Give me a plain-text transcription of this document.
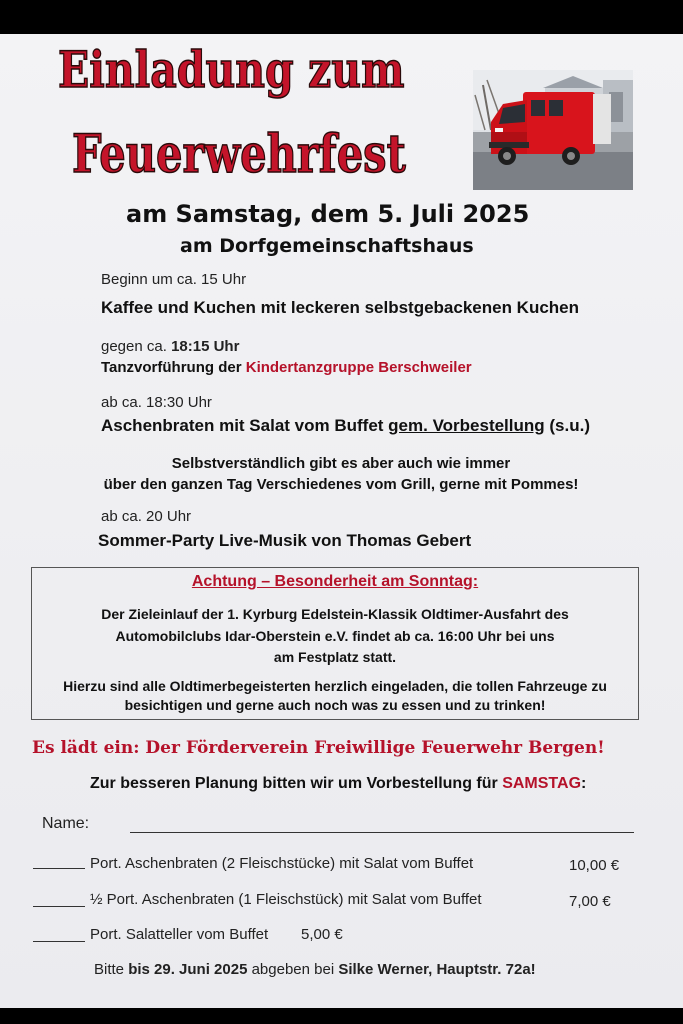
Einladung zum
Feuerwehrfest
am Samstag, dem 5. Juli 2025
am Dorfgemeinschaftshaus
Beginn um ca. 15 Uhr
Kaffee und Kuchen mit leckeren selbstgebackenen Kuchen
gegen ca. 18:15 Uhr
Tanzvorführung der Kindertanzgruppe Berschweiler
ab ca. 18:30 Uhr
Aschenbraten mit Salat vom Buffet gem. Vorbestellung (s.u.)
Selbstverständlich gibt es aber auch wie immer
über den ganzen Tag Verschiedenes vom Grill, gerne mit Pommes!
ab ca. 20 Uhr
Sommer-Party Live-Musik von Thomas Gebert
Achtung – Besonderheit am Sonntag:
Der Zieleinlauf der 1. Kyrburg Edelstein-Klassik Oldtimer-Ausfahrt des
Automobilclubs Idar-Oberstein e.V. findet ab ca. 16:00 Uhr bei uns
am Festplatz statt.
Hierzu sind alle Oldtimerbegeisterten herzlich eingeladen, die tollen Fahrzeuge zu
besichtigen und gerne auch noch was zu essen und zu trinken!
Es lädt ein: Der Förderverein Freiwillige Feuerwehr Bergen!
Zur besseren Planung bitten wir um Vorbestellung für SAMSTAG:
Name:
Port. Aschenbraten (2 Fleischstücke) mit Salat vom Buffet	10,00 €
½ Port. Aschenbraten (1 Fleischstück) mit Salat vom Buffet	7,00 €
Port. Salatteller vom Buffet 5,00 €
Bitte bis 29. Juni 2025 abgeben bei Silke Werner, Hauptstr. 72a!
